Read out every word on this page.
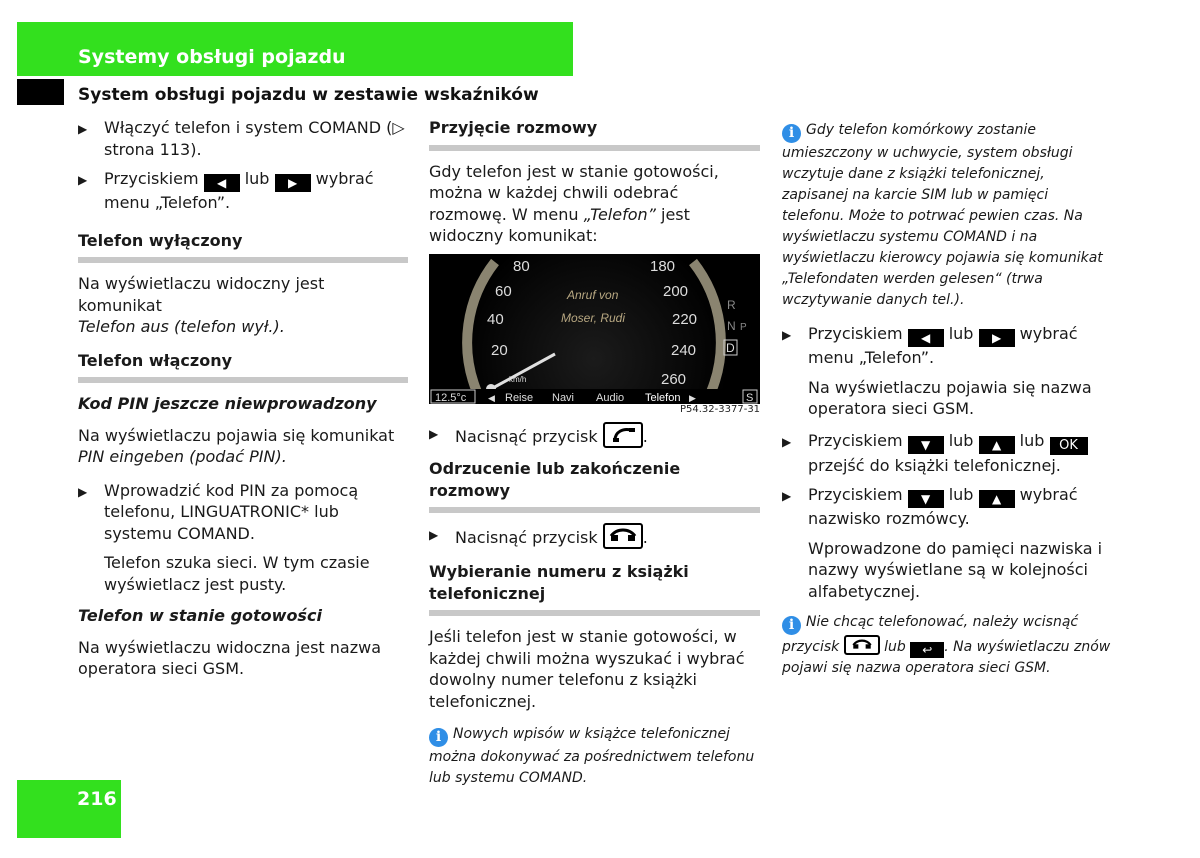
Systemy obsługi pojazdu
System obsługi pojazdu w zestawie wskaźników
▶	Włączyć telefon i system COMAND (▷ strona 113).
▶	Przyciskiem ◀ lub ▶ wybrać
menu „Telefon”.
Telefon wyłączony

Na wyświetlaczu widoczny jest komunikat
Telefon aus (telefon wył.).

Telefon włączony
Kod PIN jeszcze niewprowadzony

Na wyświetlaczu pojawia się komunikat
PIN eingeben (podać PIN).

▶	Wprowadzić kod PIN za pomocą telefonu, LINGUATRONIC* lub systemu COMAND.
Telefon szuka sieci. W tym czasie wyświetlacz jest pusty.
Telefon w stanie gotowości

Na wyświetlaczu widoczna jest nazwa operatora sieci GSM.

Przyjęcie rozmowy

Gdy telefon jest w stanie gotowości, można w każdej chwili odebrać rozmowę. W menu „Telefon” jest widoczny komunikat:

80
60
40
20
180
200
220
240
260
Anruf von
Moser, Rudi
km/h
R
N P
D
12.5°c ◀ Reise Navi Audio Telefon ▶	S
P54.32-3377-31
▶	Nacisnąć przycisk	.
Odrzucenie lub zakończenie rozmowy
▶	Nacisnąć przycisk	.
Wybieranie numeru z książki telefonicznej

Jeśli telefon jest w stanie gotowości, w każdej chwili można wyszukać i wybrać dowolny numer telefonu z książki telefonicznej.

i Nowych wpisów w książce telefonicznej można dokonywać za pośrednictwem telefonu lub systemu COMAND.
i Gdy telefon komórkowy zostanie umieszczony w uchwycie, system obsługi wczytuje dane z książki telefonicznej, zapisanej na karcie SIM lub w pamięci telefonu. Może to potrwać pewien czas. Na wyświetlaczu systemu COMAND i na wyświetlaczu kierowcy pojawia się komunikat „Telefondaten werden gelesen“ (trwa wczytywanie danych tel.).
▶	Przyciskiem ◀ lub ▶ wybrać
menu „Telefon”.
Na wyświetlaczu pojawia się nazwa operatora sieci GSM.
▶	Przyciskiem ▼ lub ▲ lub OK
przejść do książki telefonicznej.
▶	Przyciskiem ▼ lub ▲ wybrać nazwisko rozmówcy.
Wprowadzone do pamięci nazwiska i nazwy wyświetlane są w kolejności alfabetycznej.
i Nie chcąc telefonować, należy wcisnąć przycisk	lub ↩ . Na wyświetlaczu znów pojawi się nazwa operatora sieci GSM.
216
